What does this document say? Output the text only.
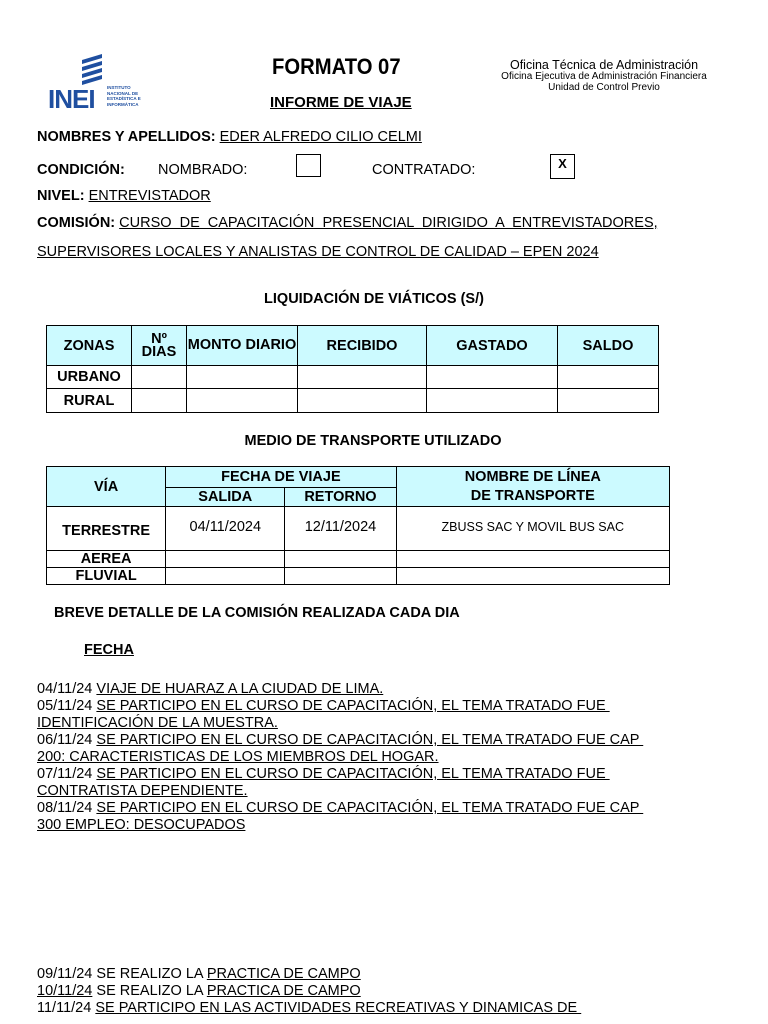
INEI	INSTITUTO NACIONAL DE ESTADÍSTICA E INFORMÁTICA
FORMATO 07
INFORME DE VIAJE
Oficina Técnica de Administración
Oficina Ejecutiva de Administración Financiera
Unidad de Control Previo
NOMBRES Y APELLIDOS: EDER ALFREDO CILIO CELMI
CONDICIÓN: NOMBRADO:	CONTRATADO:	X
NIVEL: ENTREVISTADOR
COMISIÓN: CURSO  DE  CAPACITACIÓN  PRESENCIAL  DIRIGIDO  A  ENTREVISTADORES,
SUPERVISORES LOCALES Y ANALISTAS DE CONTROL DE CALIDAD – EPEN 2024
LIQUIDACIÓN DE VIÁTICOS (S/)
ZONAS	Nº DIAS	MONTO DIARIO	RECIBIDO	GASTADO	SALDO
URBANO					
RURAL					
MEDIO DE TRANSPORTE UTILIZADO
VÍA	FECHA DE VIAJE		NOMBRE DE LÍNEA
DE TRANSPORTE

	SALIDA	RETORNO	
TERRESTRE	04/11/2024	12/11/2024	ZBUSS SAC Y MOVIL BUS SAC
AEREA			
FLUVIAL			
BREVE DETALLE DE LA COMISIÓN REALIZADA CADA DIA
FECHA
04/11/24 VIAJE DE HUARAZ A LA CIUDAD DE LIMA.
05/11/24 SE PARTICIPO EN EL CURSO DE CAPACITACIÓN, EL TEMA TRATADO FUE
IDENTIFICACIÓN DE LA MUESTRA.
06/11/24 SE PARTICIPO EN EL CURSO DE CAPACITACIÓN, EL TEMA TRATADO FUE CAP
200: CARACTERISTICAS DE LOS MIEMBROS DEL HOGAR.
07/11/24 SE PARTICIPO EN EL CURSO DE CAPACITACIÓN, EL TEMA TRATADO FUE
CONTRATISTA DEPENDIENTE.
08/11/24 SE PARTICIPO EN EL CURSO DE CAPACITACIÓN, EL TEMA TRATADO FUE CAP
300 EMPLEO: DESOCUPADOS
09/11/24 SE REALIZO LA PRACTICA DE CAMPO
10/11/24 SE REALIZO LA PRACTICA DE CAMPO
11/11/24 SE PARTICIPO EN LAS ACTIVIDADES RECREATIVAS Y DINAMICAS DE
